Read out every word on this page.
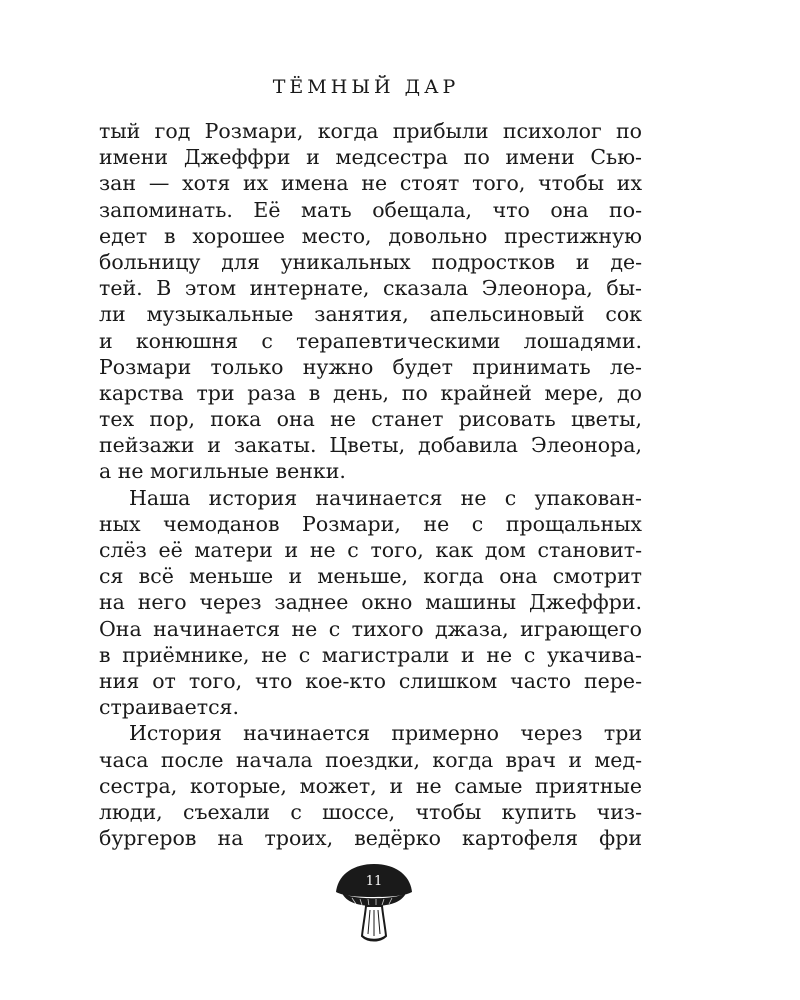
ТЁМНЫЙ ДАР
тый год Розмари, когда прибыли психолог по
имени Джеффри и медсестра по имени Сью-
зан — хотя их имена не стоят того, чтобы их
запоминать. Её мать обещала, что она по-
едет в хорошее место, довольно престижную
больницу для уникальных подростков и де-
тей. В этом интернате, сказала Элеонора, бы-
ли музыкальные занятия, апельсиновый сок
и конюшня с терапевтическими лошадями.
Розмари только нужно будет принимать ле-
карства три раза в день, по крайней мере, до
тех пор, пока она не станет рисовать цветы,
пейзажи и закаты. Цветы, добавила Элеонора,
а не могильные венки.
Наша история начинается не с упакован-
ных чемоданов Розмари, не с прощальных
слёз её матери и не с того, как дом становит-
ся всё меньше и меньше, когда она смотрит
на него через заднее окно машины Джеффри.
Она начинается не с тихого джаза, играющего
в приёмнике, не с магистрали и не с укачива-
ния от того, что кое-кто слишком часто пере-
страивается.
История начинается примерно через три
часа после начала поездки, когда врач и мед-
сестра, которые, может, и не самые приятные
люди, съехали с шоссе, чтобы купить чиз-
бургеров на троих, ведёрко картофеля фри
11
